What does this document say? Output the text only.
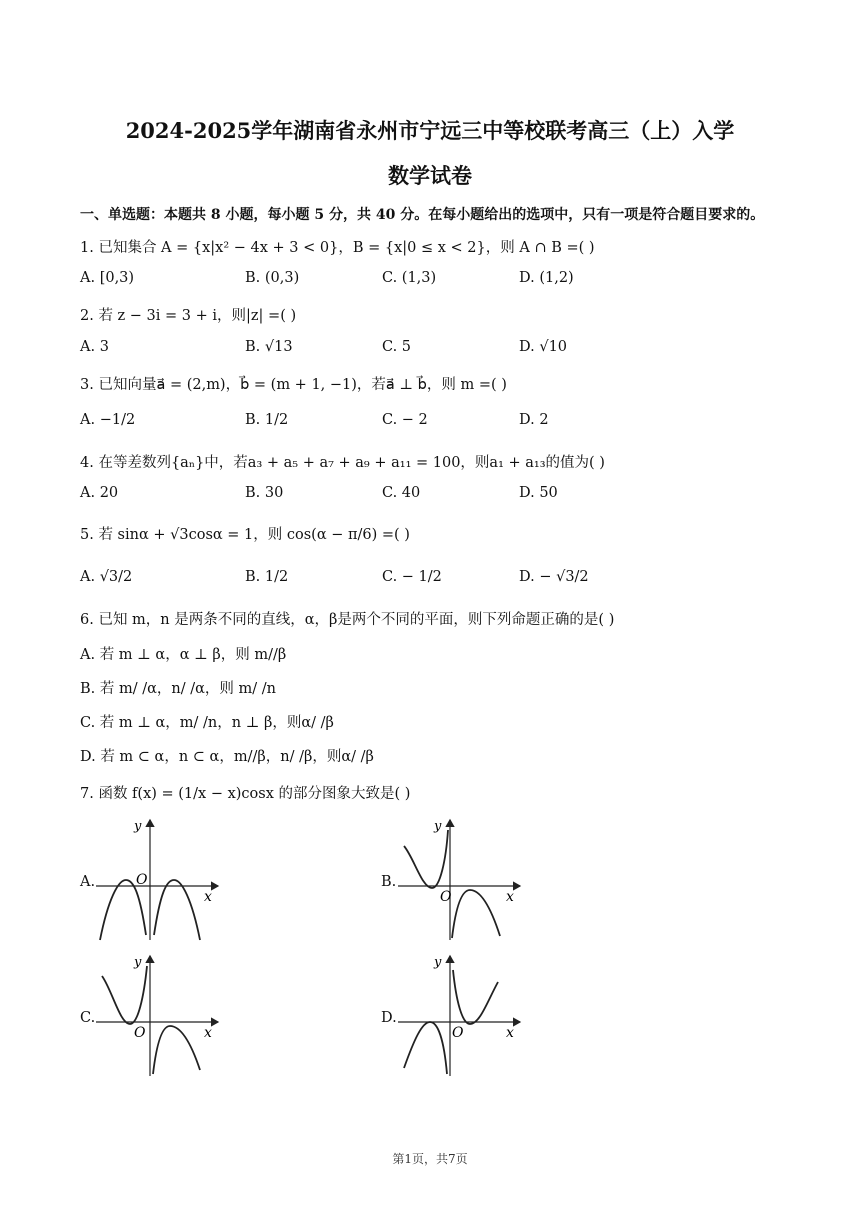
2024-2025学年湖南省永州市宁远三中等校联考高三（上）入学
数学试卷
一、单选题：本题共 8 小题，每小题 5 分，共 40 分。在每小题给出的选项中，只有一项是符合题目要求的。
1. 已知集合 A = {x|x² − 4x + 3 < 0}，B = {x|0 ≤ x < 2}，则 A ∩ B =( )
A. [0,3)	B. (0,3)	C. (1,3)	D. (1,2)
2. 若 z − 3i = 3 + i，则|z| =( )
A. 3	B. √13	C. 5	D. √10
3. 已知向量a⃗ = (2,m)，b⃗ = (m + 1, −1)，若a⃗ ⊥ b⃗，则 m =( )
A. −1/2	B. 1/2	C. − 2	D. 2
4. 在等差数列{aₙ}中，若a₃ + a₅ + a₇ + a₉ + a₁₁ = 100，则a₁ + a₁₃的值为( )
A. 20	B. 30	C. 40	D. 50
5. 若 sinα + √3cosα = 1，则 cos(α − π/6) =( )
A. √3/2	B. 1/2	C. − 1/2	D. − √3/2
6. 已知 m，n 是两条不同的直线，α，β是两个不同的平面，则下列命题正确的是( )
A. 若 m ⊥ α，α ⊥ β，则 m//β
B. 若 m/ /α，n/ /α，则 m/ /n
C. 若 m ⊥ α，m/ /n，n ⊥ β，则α/ /β
D. 若 m ⊂ α，n ⊂ α，m//β，n/ /β，则α/ /β
7. 函数 f(x) = (1/x − x)cosx 的部分图象大致是( )
A.	B.
C.	D.
y
x
O
y
x
O
y
x
O
y
x
O
第1页，共7页
